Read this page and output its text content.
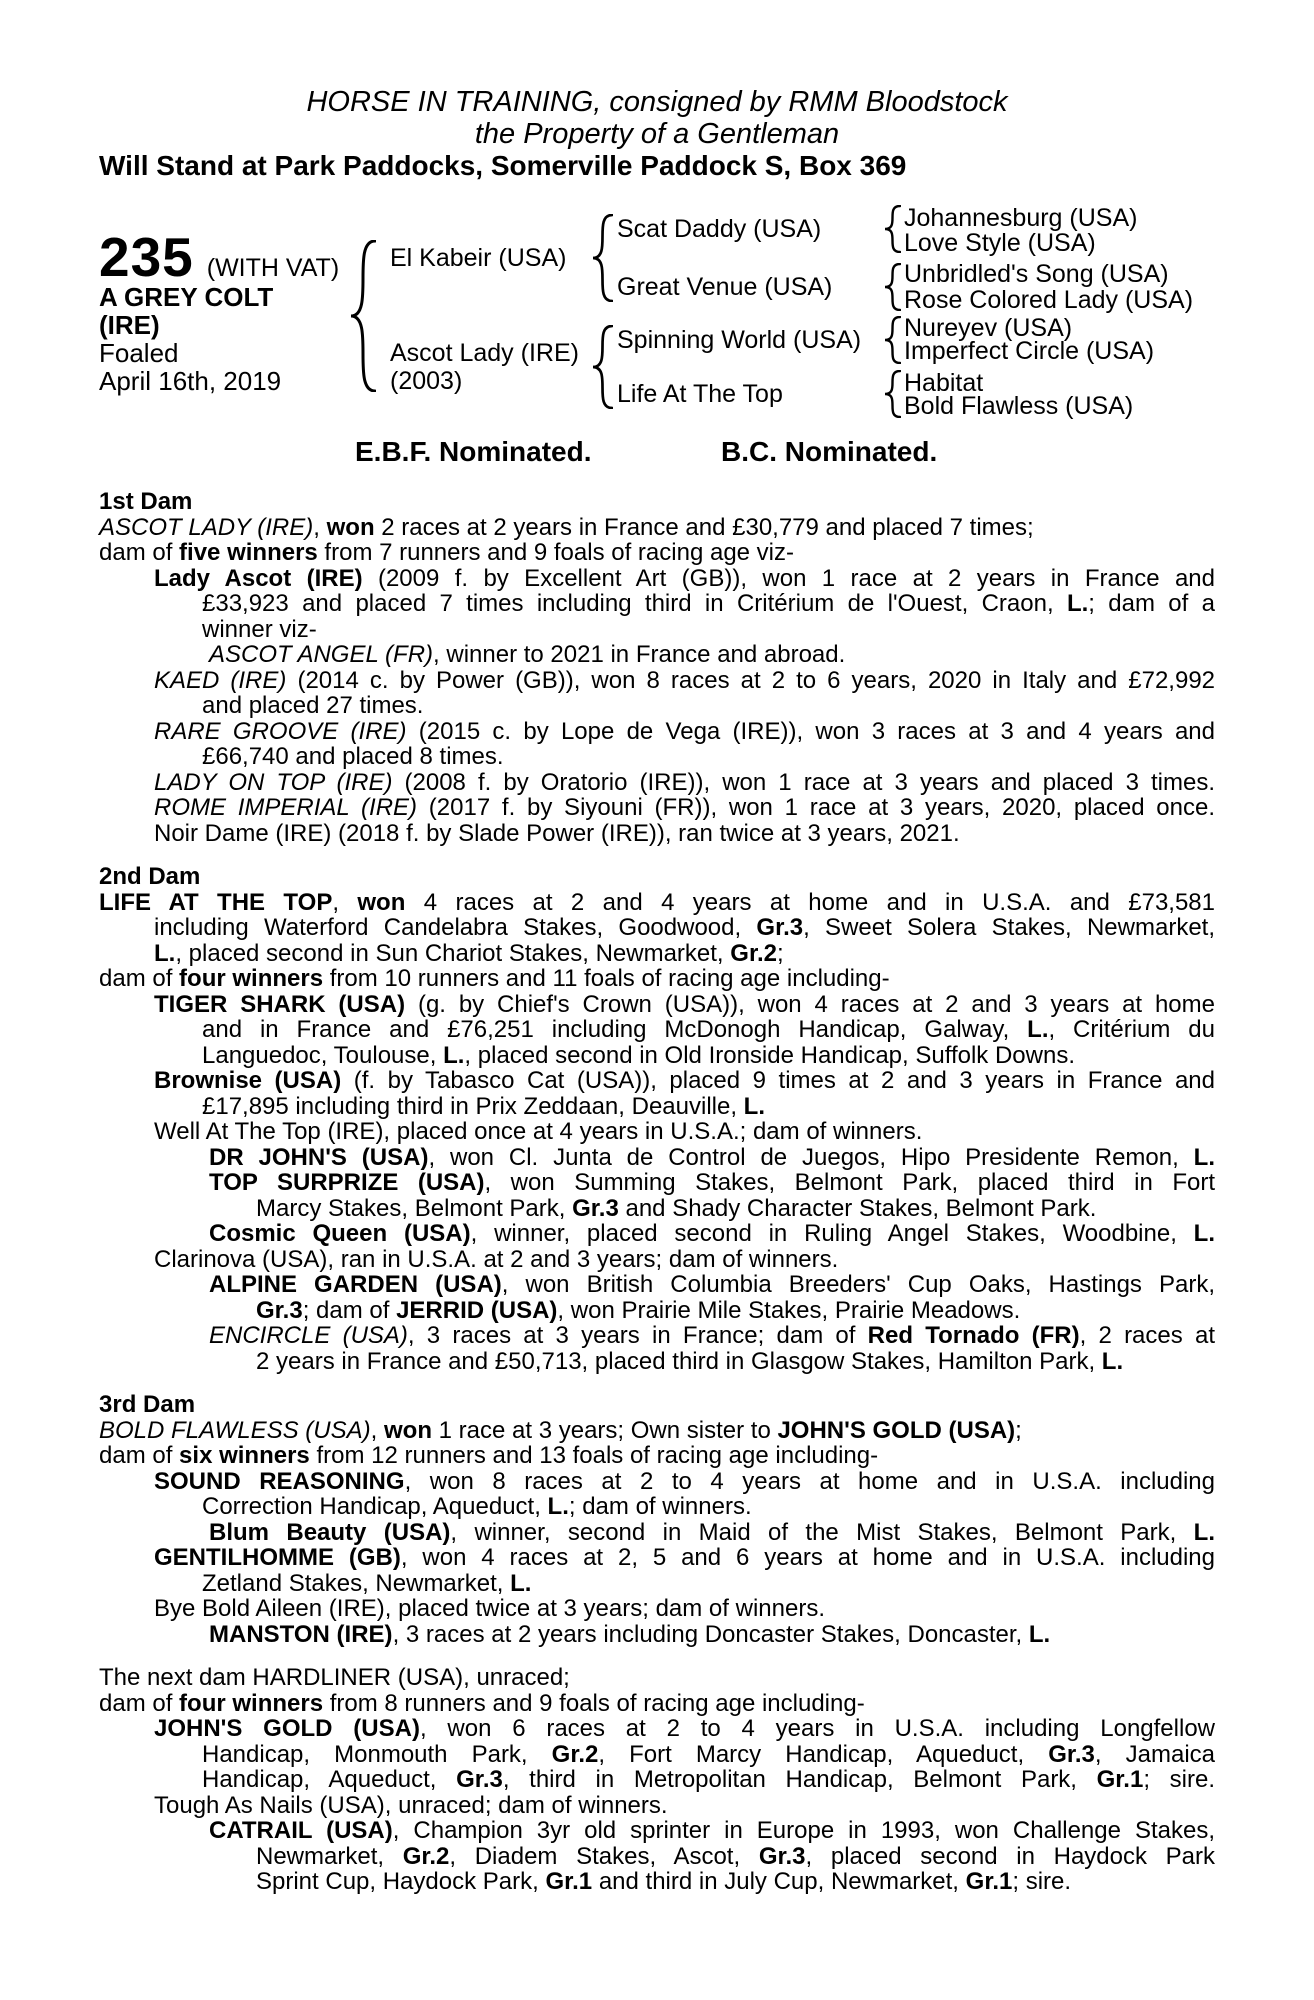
HORSE IN TRAINING, consigned by RMM Bloodstock
the Property of a Gentleman
Will Stand at Park Paddocks, Somerville Paddock S, Box 369
235 (WITH VAT)
A GREY COLT
(IRE)
Foaled
April 16th, 2019
El Kabeir (USA)
Ascot Lady (IRE)
(2003)
Scat Daddy (USA)
Great Venue (USA)
Spinning World (USA)
Life At The Top
Johannesburg (USA)
Love Style (USA)
Unbridled's Song (USA)
Rose Colored Lady (USA)
Nureyev (USA)
Imperfect Circle (USA)
Habitat
Bold Flawless (USA)
E.B.F. Nominated.	B.C. Nominated.
1st Dam
ASCOT LADY (IRE), won 2 races at 2 years in France and £30,779 and placed 7 times;
dam of five winners from 7 runners and 9 foals of racing age viz-
Lady Ascot (IRE) (2009 f. by Excellent Art (GB)), won 1 race at 2 years in France and
£33,923 and placed 7 times including third in Critérium de l'Ouest, Craon, L.; dam of a
winner viz-
ASCOT ANGEL (FR), winner to 2021 in France and abroad.
KAED (IRE) (2014 c. by Power (GB)), won 8 races at 2 to 6 years, 2020 in Italy and £72,992
and placed 27 times.
RARE GROOVE (IRE) (2015 c. by Lope de Vega (IRE)), won 3 races at 3 and 4 years and
£66,740 and placed 8 times.
LADY ON TOP (IRE) (2008 f. by Oratorio (IRE)), won 1 race at 3 years and placed 3 times.
ROME IMPERIAL (IRE) (2017 f. by Siyouni (FR)), won 1 race at 3 years, 2020, placed once.
Noir Dame (IRE) (2018 f. by Slade Power (IRE)), ran twice at 3 years, 2021.
2nd Dam
LIFE AT THE TOP, won 4 races at 2 and 4 years at home and in U.S.A. and £73,581
including Waterford Candelabra Stakes, Goodwood, Gr.3, Sweet Solera Stakes, Newmarket,
L., placed second in Sun Chariot Stakes, Newmarket, Gr.2;
dam of four winners from 10 runners and 11 foals of racing age including-
TIGER SHARK (USA) (g. by Chief's Crown (USA)), won 4 races at 2 and 3 years at home
and in France and £76,251 including McDonogh Handicap, Galway, L., Critérium du
Languedoc, Toulouse, L., placed second in Old Ironside Handicap, Suffolk Downs.
Brownise (USA) (f. by Tabasco Cat (USA)), placed 9 times at 2 and 3 years in France and
£17,895 including third in Prix Zeddaan, Deauville, L.
Well At The Top (IRE), placed once at 4 years in U.S.A.; dam of winners.
DR JOHN'S (USA), won Cl. Junta de Control de Juegos, Hipo Presidente Remon, L.
TOP SURPRIZE (USA), won Summing Stakes, Belmont Park, placed third in Fort
Marcy Stakes, Belmont Park, Gr.3 and Shady Character Stakes, Belmont Park.
Cosmic Queen (USA), winner, placed second in Ruling Angel Stakes, Woodbine, L.
Clarinova (USA), ran in U.S.A. at 2 and 3 years; dam of winners.
ALPINE GARDEN (USA), won British Columbia Breeders' Cup Oaks, Hastings Park,
Gr.3; dam of JERRID (USA), won Prairie Mile Stakes, Prairie Meadows.
ENCIRCLE (USA), 3 races at 3 years in France; dam of Red Tornado (FR), 2 races at
2 years in France and £50,713, placed third in Glasgow Stakes, Hamilton Park, L.
3rd Dam
BOLD FLAWLESS (USA), won 1 race at 3 years; Own sister to JOHN'S GOLD (USA);
dam of six winners from 12 runners and 13 foals of racing age including-
SOUND REASONING, won 8 races at 2 to 4 years at home and in U.S.A. including
Correction Handicap, Aqueduct, L.; dam of winners.
Blum Beauty (USA), winner, second in Maid of the Mist Stakes, Belmont Park, L.
GENTILHOMME (GB), won 4 races at 2, 5 and 6 years at home and in U.S.A. including
Zetland Stakes, Newmarket, L.
Bye Bold Aileen (IRE), placed twice at 3 years; dam of winners.
MANSTON (IRE), 3 races at 2 years including Doncaster Stakes, Doncaster, L.
The next dam HARDLINER (USA), unraced;
dam of four winners from 8 runners and 9 foals of racing age including-
JOHN'S GOLD (USA), won 6 races at 2 to 4 years in U.S.A. including Longfellow
Handicap, Monmouth Park, Gr.2, Fort Marcy Handicap, Aqueduct, Gr.3, Jamaica
Handicap, Aqueduct, Gr.3, third in Metropolitan Handicap, Belmont Park, Gr.1; sire.
Tough As Nails (USA), unraced; dam of winners.
CATRAIL (USA), Champion 3yr old sprinter in Europe in 1993, won Challenge Stakes,
Newmarket, Gr.2, Diadem Stakes, Ascot, Gr.3, placed second in Haydock Park
Sprint Cup, Haydock Park, Gr.1 and third in July Cup, Newmarket, Gr.1; sire.
